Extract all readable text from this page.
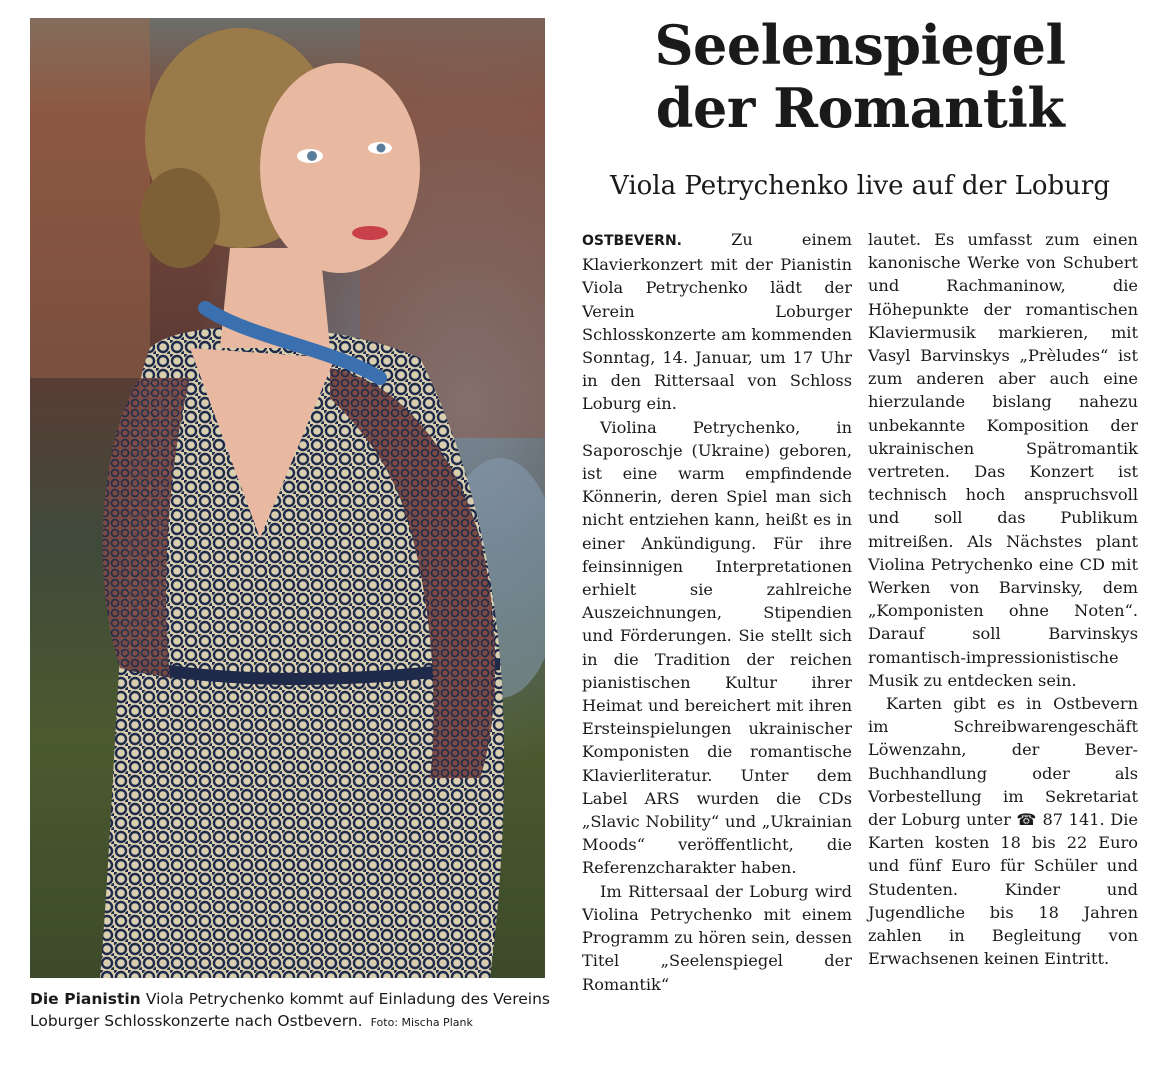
Die Pianistin Viola Petrychenko kommt auf Einladung des Vereins Loburger Schlosskonzerte nach Ostbevern. Foto: Mischa Plank
Seelenspiegel
der Romantik
Viola Petrychenko live auf der Loburg

OSTBEVERN. Zu einem Klavierkonzert mit der Pianistin Viola Petrychenko lädt der Verein Loburger Schlosskonzerte am kommenden Sonntag, 14. Januar, um 17 Uhr in den Rittersaal von Schloss Loburg ein.

Violina Petrychenko, in Saporoschje (Ukraine) geboren, ist eine warm empfindende Könnerin, deren Spiel man sich nicht entziehen kann, heißt es in einer Ankündigung. Für ihre feinsinnigen Interpretationen erhielt sie zahlreiche Auszeichnungen, Stipendien und Förderungen. Sie stellt sich in die Tradition der reichen pianistischen Kultur ihrer Heimat und bereichert mit ihren Ersteinspielungen ukrainischer Komponisten die romantische Klavierliteratur. Unter dem Label ARS wurden die CDs „Slavic Nobility“ und „Ukrainian Moods“ veröffentlicht, die Referenzcharakter haben.

Im Rittersaal der Loburg wird Violina Petrychenko mit einem Programm zu hören sein, dessen Titel „Seelenspiegel der Romantik“

lautet. Es umfasst zum einen kanonische Werke von Schubert und Rachmaninow, die Höhepunkte der romantischen Klaviermusik markieren, mit Vasyl Barvinskys „Prèludes“ ist zum anderen aber auch eine hierzulande bislang nahezu unbekannte Komposition der ukrainischen Spätromantik vertreten. Das Konzert ist technisch hoch anspruchsvoll und soll das Publikum mitreißen. Als Nächstes plant Violina Petrychenko eine CD mit Werken von Barvinsky, dem „Komponisten ohne Noten“. Darauf soll Barvinskys romantisch-impressionistische Musik zu entdecken sein.

Karten gibt es in Ostbevern im Schreibwarengeschäft Löwenzahn, der Bever-Buchhandlung oder als Vorbestellung im Sekretariat der Loburg unter ☎ 87 141. Die Karten kosten 18 bis 22 Euro und fünf Euro für Schüler und Studenten. Kinder und Jugendliche bis 18 Jahren zahlen in Begleitung von Erwachsenen keinen Eintritt.
